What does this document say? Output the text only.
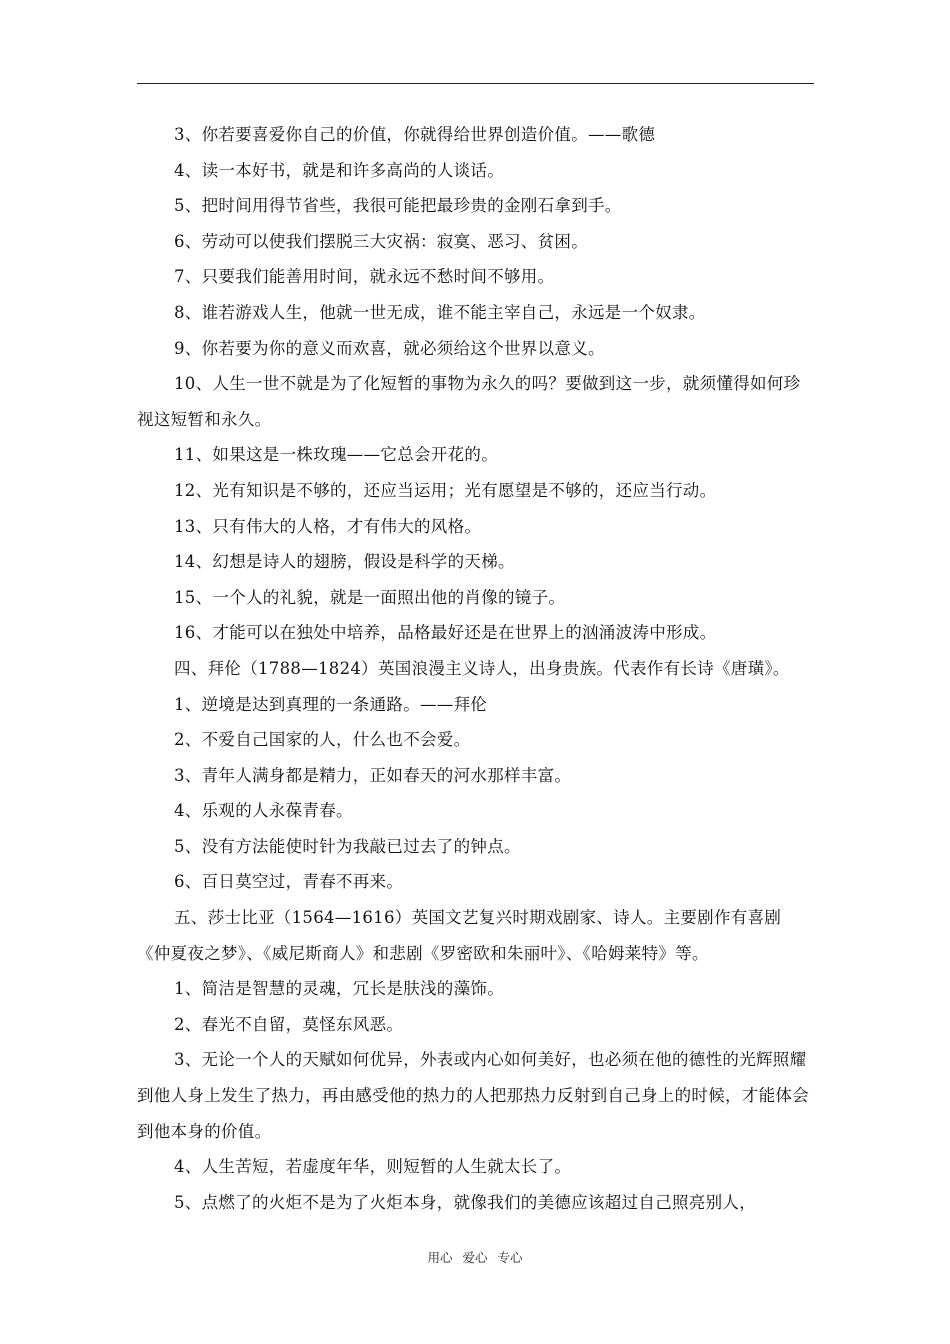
3、你若要喜爱你自己的价值，你就得给世界创造价值。——歌德

4、读一本好书，就是和许多高尚的人谈话。

5、把时间用得节省些，我很可能把最珍贵的金刚石拿到手。

6、劳动可以使我们摆脱三大灾祸：寂寞、恶习、贫困。

7、只要我们能善用时间，就永远不愁时间不够用。

8、谁若游戏人生，他就一世无成，谁不能主宰自己，永远是一个奴隶。

9、你若要为你的意义而欢喜，就必须给这个世界以意义。

10、人生一世不就是为了化短暂的事物为永久的吗？要做到这一步，就须懂得如何珍视这短暂和永久。

11、如果这是一株玫瑰——它总会开花的。

12、光有知识是不够的，还应当运用；光有愿望是不够的，还应当行动。

13、只有伟大的人格，才有伟大的风格。

14、幻想是诗人的翅膀，假设是科学的天梯。

15、一个人的礼貌，就是一面照出他的肖像的镜子。

16、才能可以在独处中培养，品格最好还是在世界上的汹涌波涛中形成。

四、拜伦（1788—1824）英国浪漫主义诗人，出身贵族。代表作有长诗《唐璜》。

1、逆境是达到真理的一条通路。——拜伦

2、不爱自己国家的人，什么也不会爱。

3、青年人满身都是精力，正如春天的河水那样丰富。

4、乐观的人永葆青春。

5、没有方法能使时针为我敲已过去了的钟点。

6、百日莫空过，青春不再来。

五、莎士比亚（1564—1616）英国文艺复兴时期戏剧家、诗人。主要剧作有喜剧《仲夏夜之梦》、《威尼斯商人》和悲剧《罗密欧和朱丽叶》、《哈姆莱特》等。

1、简洁是智慧的灵魂，冗长是肤浅的藻饰。

2、春光不自留，莫怪东风恶。

3、无论一个人的天赋如何优异，外表或内心如何美好，也必须在他的德性的光辉照耀到他人身上发生了热力，再由感受他的热力的人把那热力反射到自己身上的时候，才能体会到他本身的价值。

4、人生苦短，若虚度年华，则短暂的人生就太长了。

5、点燃了的火炬不是为了火炬本身，就像我们的美德应该超过自己照亮别人，

用心 爱心 专心
